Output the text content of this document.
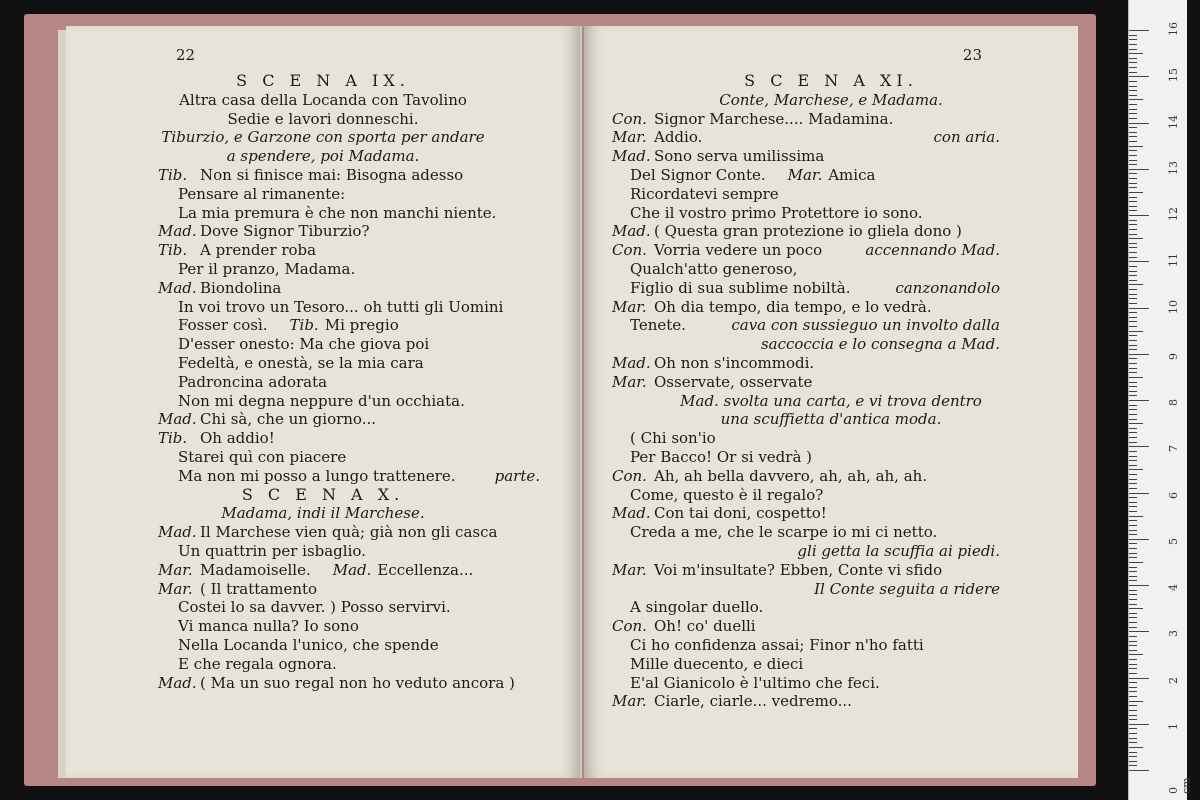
22
S C E N A IX.
Altra casa della Locanda con Tavolino
Sedie e lavori donneschi.
Tiburzio, e Garzone con sporta per andare
a spendere, poi Madama.
Tib. Non si finisce mai: Bisogna adesso
Pensare al rimanente:
La mia premura è che non manchi niente.
Mad. Dove Signor Tiburzio?
Tib. A prender roba
Per il pranzo, Madama.
Mad. Biondolina
In voi trovo un Tesoro... oh tutti gli Uomini
Fosser così. Tib. Mi pregio
D'esser onesto: Ma che giova poi
Fedeltà, e onestà, se la mia cara
Padroncina adorata
Non mi degna neppure d'un occhiata.
Mad. Chi sà, che un giorno...
Tib. Oh addio!
Starei quì con piacere
Ma non mi posso a lungo trattenere.	parte.
S C E N A X.
Madama, indi il Marchese.
Mad. Il Marchese vien quà; già non gli casca
Un quattrin per isbaglio.
Mar. Madamoiselle. Mad. Eccellenza...
Mar. ( Il trattamento
Costei lo sa davver. ) Posso servirvi.
Vi manca nulla? Io sono
Nella Locanda l'unico, che spende
E che regala ognora.
Mad. ( Ma un suo regal non ho veduto ancora )
23
S C E N A XI.
Conte, Marchese, e Madama.
Con. Signor Marchese.... Madamina.
Mar. Addio.	con aria.
Mad. Sono serva umilissima
Del Signor Conte. Mar. Amica
Ricordatevi sempre
Che il vostro primo Protettore io sono.
Mad. ( Questa gran protezione io gliela dono )
Con. Vorria vedere un poco	accennando Mad.
Qualch'atto generoso,
Figlio di sua sublime nobiltà.	canzonandolo
Mar. Oh dia tempo, dia tempo, e lo vedrà.
Tenete.	cava con sussieguo un involto dalla
saccoccia e lo consegna a Mad.
Mad. Oh non s'incommodi.
Mar. Osservate, osservate
Mad. svolta una carta, e vi trova dentro
una scuffietta d'antica moda.
( Chi son'io
Per Bacco! Or si vedrà )
Con. Ah, ah bella davvero, ah, ah, ah, ah.
Come, questo è il regalo?
Mad. Con tai doni, cospetto!
Creda a me, che le scarpe io mi ci netto.
gli getta la scuffia ai piedi.
Mar. Voi m'insultate? Ebben, Conte vi sfido
Il Conte seguita a ridere
A singolar duello.
Con. Oh! co' duelli
Ci ho confidenza assai; Finor n'ho fatti
Mille duecento, e dieci
E'al Gianicolo è l'ultimo che feci.
Mar. Ciarle, ciarle... vedremo...
0 cm
1
2
3
4
5
6
7
8
9
10
11
12
13
14
15
16
